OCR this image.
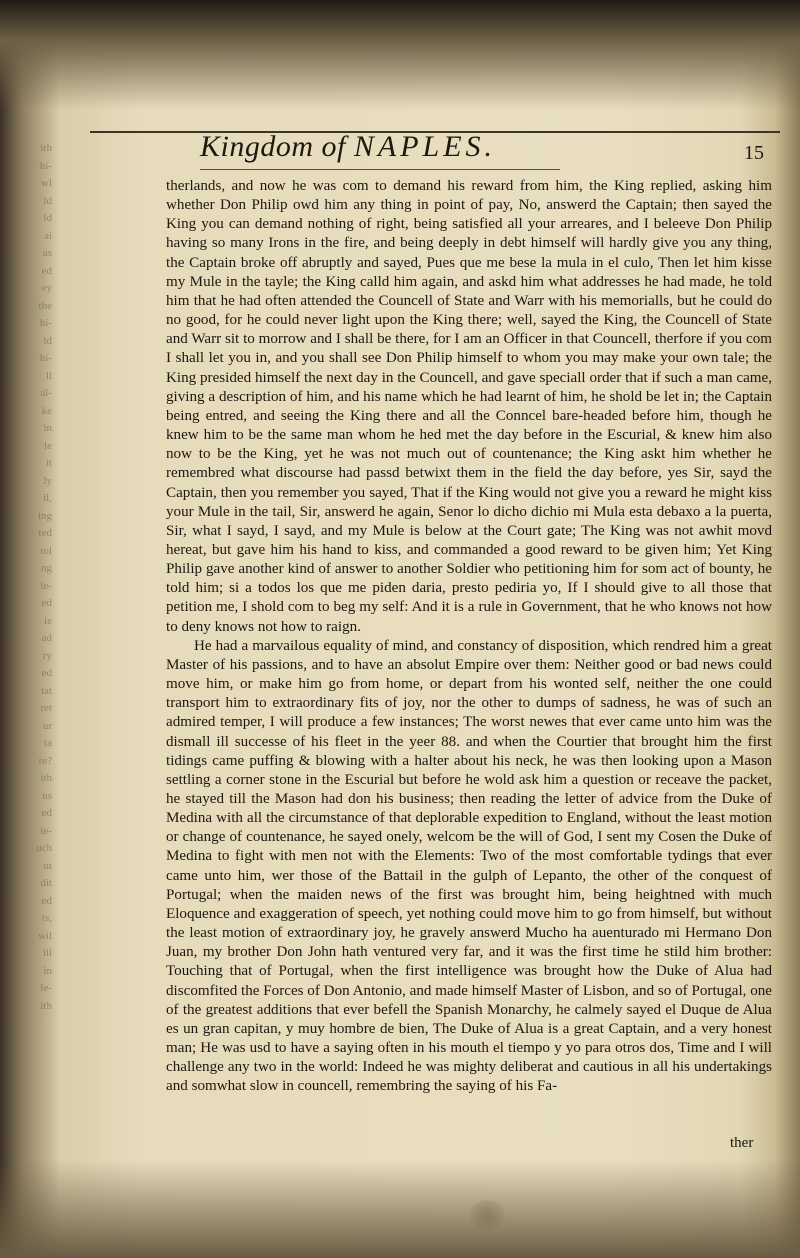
ith
hi-
wl
ld
ld
ai
as
ed
ey
the
hi-
ld
hi-
ll
al-
ke
in
le
it
ly
il,
ing
ted
tol
ng
le-
ed
ie
ad
ry
ed
tat
ret
ur
ta
re?
ith
ns
ed
ie-
uch
ut
dit
ed
ts,
wil
ill
in
le-
ith
Kingdom of NAPLES.	15

therlands, and now he was com to demand his reward from him, the King replied, asking him whether Don Philip owd him any thing in point of pay, No, answerd the Captain; then sayed the King you can demand nothing of right, being satisfied all your arreares, and I beleeve Don Philip having so many Irons in the fire, and being deeply in debt himself will hardly give you any thing, the Captain broke off abruptly and sayed, Pues que me bese la mula in el culo, Then let him kisse my Mule in the tayle; the King calld him again, and askd him what addresses he had made, he told him that he had often attended the Councell of State and Warr with his memorialls, but he could do no good, for he could never light upon the King there; well, sayed the King, the Councell of State and Warr sit to morrow and I shall be there, for I am an Officer in that Councell, therfore if you com I shall let you in, and you shall see Don Philip himself to whom you may make your own tale; the King presided himself the next day in the Councell, and gave speciall order that if such a man came, giving a description of him, and his name which he had learnt of him, he shold be let in; the Captain being entred, and seeing the King there and all the Conncel bare-headed before him, though he knew him to be the same man whom he hed met the day before in the Escurial, & knew him also now to be the King, yet he was not much out of countenance; the King askt him whether he remembred what discourse had passd betwixt them in the field the day before, yes Sir, sayd the Captain, then you remember you sayed, That if the King would not give you a reward he might kiss your Mule in the tail, Sir, answerd he again, Senor lo dicho dichio mi Mula esta debaxo a la puerta, Sir, what I sayd, I sayd, and my Mule is below at the Court gate; The King was not awhit movd hereat, but gave him his hand to kiss, and commanded a good reward to be given him; Yet King Philip gave another kind of answer to another Soldier who petitioning him for som act of bounty, he told him; si a todos los que me piden daria, presto pediria yo, If I should give to all those that petition me, I shold com to beg my self: And it is a rule in Government, that he who knows not how to deny knows not how to raign.

He had a marvailous equality of mind, and constancy of disposition, which rendred him a great Master of his passions, and to have an absolut Empire over them: Neither good or bad news could move him, or make him go from home, or depart from his wonted self, neither the one could transport him to extraordinary fits of joy, nor the other to dumps of sadness, he was of such an admired temper, I will produce a few instances; The worst newes that ever came unto him was the dismall ill successe of his fleet in the yeer 88. and when the Courtier that brought him the first tidings came puffing & blowing with a halter about his neck, he was then looking upon a Mason settling a corner stone in the Escurial but before he wold ask him a question or receave the packet, he stayed till the Mason had don his business; then reading the letter of advice from the Duke of Medina with all the circumstance of that deplorable expedition to England, without the least motion or change of countenance, he sayed onely, welcom be the will of God, I sent my Cosen the Duke of Medina to fight with men not with the Elements: Two of the most comfortable tydings that ever came unto him, wer those of the Battail in the gulph of Lepanto, the other of the conquest of Portugal; when the maiden news of the first was brought him, being heightned with much Eloquence and exaggeration of speech, yet nothing could move him to go from himself, but without the least motion of extraordinary joy, he gravely answerd Mucho ha auenturado mi Hermano Don Juan, my brother Don John hath ventured very far, and it was the first time he stild him brother: Touching that of Portugal, when the first intelligence was brought how the Duke of Alua had discomfited the Forces of Don Antonio, and made himself Master of Lisbon, and so of Portugal, one of the greatest additions that ever befell the Spanish Monarchy, he calmely sayed el Duque de Alua es un gran capitan, y muy hombre de bien, The Duke of Alua is a great Captain, and a very honest man; He was usd to have a saying often in his mouth el tiempo y yo para otros dos, Time and I will challenge any two in the world: Indeed he was mighty deliberat and cautious in all his undertakings and somwhat slow in councell, remembring the saying of his Fa-

ther
